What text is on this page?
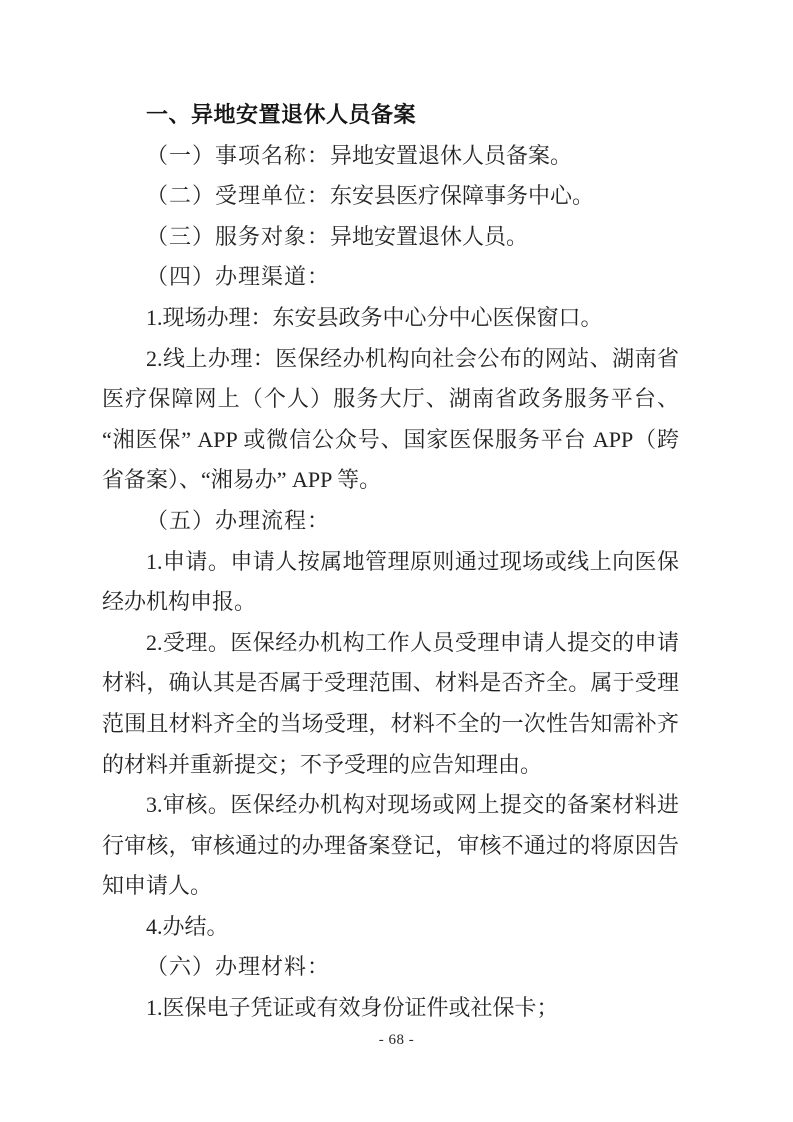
一、异地安置退休人员备案

（一）事项名称：异地安置退休人员备案。

（二）受理单位：东安县医疗保障事务中心。

（三）服务对象：异地安置退休人员。

（四）办理渠道：

1.现场办理：东安县政务中心分中心医保窗口。

2.线上办理：医保经办机构向社会公布的网站、湖南省医疗保障网上（个人）服务大厅、湖南省政务服务平台、“湘医保” APP 或微信公众号、国家医保服务平台 APP（跨省备案）、“湘易办” APP 等。

（五）办理流程：

1.申请。申请人按属地管理原则通过现场或线上向医保经办机构申报。

2.受理。医保经办机构工作人员受理申请人提交的申请材料，确认其是否属于受理范围、材料是否齐全。属于受理范围且材料齐全的当场受理，材料不全的一次性告知需补齐的材料并重新提交；不予受理的应告知理由。

3.审核。医保经办机构对现场或网上提交的备案材料进行审核，审核通过的办理备案登记，审核不通过的将原因告知申请人。

4.办结。

（六）办理材料：

1.医保电子凭证或有效身份证件或社保卡；

- 68 -
